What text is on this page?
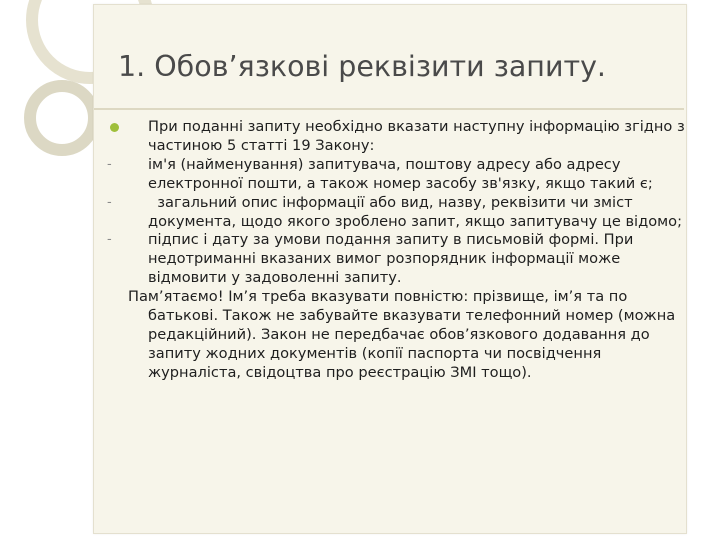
1. Обов’язкові реквізити запиту.
При поданні запиту необхідно вказати наступну інформацію згідно з частиною 5 статті 19 Закону:
- ім'я (найменування) запитувача, поштову адресу або адресу електронної пошти, а також номер засобу зв'язку, якщо такий є;
- загальний опис інформації або вид, назву, реквізити чи зміст документа, щодо якого зроблено запит, якщо запитувачу це відомо;
- підпис і дату за умови подання запиту в письмовій формі. При недотриманні вказаних вимог розпорядник інформації може відмовити у задоволенні запиту.
Пам’ятаємо! Ім’я треба вказувати повністю: прізвище, ім’я та по батькові. Також не забувайте вказувати телефонний номер (можна редакційний). Закон не передбачає обов’язкового додавання до запиту жодних документів (копії паспорта чи посвідчення журналіста, свідоцтва про реєстрацію ЗМІ тощо).
